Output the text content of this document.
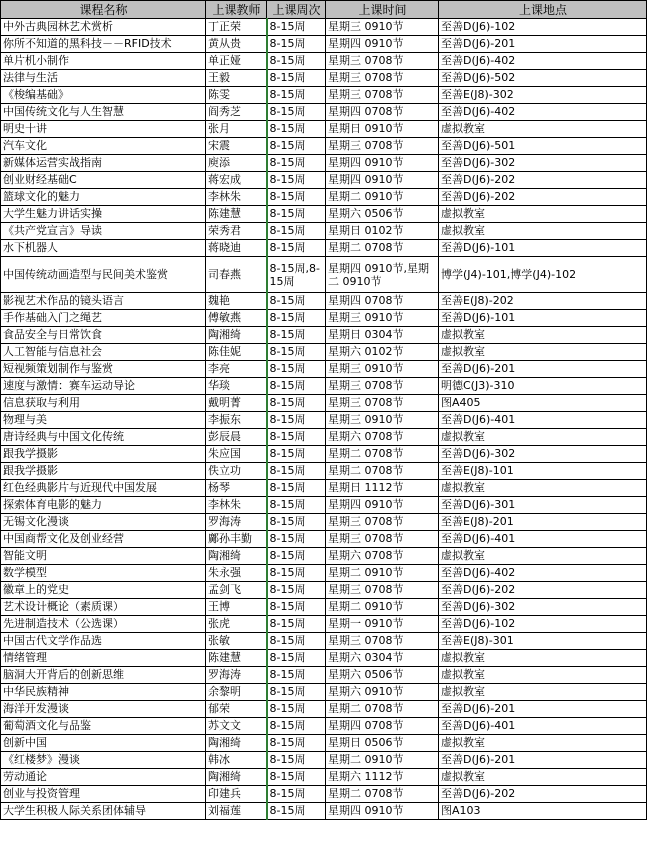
课程名称	上课教师	上课周次	上课时间	上课地点
中外古典园林艺术赏析	丁正荣	8-15周	星期三 0910节	至善D(J6)-102
你所不知道的黑科技－－RFID技术	黄从贵	8-15周	星期四 0910节	至善D(J6)-201
单片机小制作	单正娅	8-15周	星期三 0708节	至善D(J6)-402
法律与生活	王毅	8-15周	星期三 0708节	至善D(J6)-502
《梭编基础》	陈雯	8-15周	星期三 0708节	至善E(J8)-302
中国传统文化与人生智慧	阎秀芝	8-15周	星期四 0708节	至善D(J6)-402
明史十讲	张月	8-15周	星期日 0910节	虚拟教室
汽车文化	宋震	8-15周	星期三 0708节	至善D(J6)-501
新媒体运营实战指南	庾添	8-15周	星期四 0910节	至善D(J6)-302
创业财经基础C	蒋宏成	8-15周	星期四 0910节	至善D(J6)-202
篮球文化的魅力	李林朱	8-15周	星期二 0910节	至善D(J6)-202
大学生魅力讲话实操	陈建慧	8-15周	星期六 0506节	虚拟教室
《共产党宣言》导读	荣秀君	8-15周	星期日 0102节	虚拟教室
水下机器人	蒋晓迪	8-15周	星期二 0708节	至善D(J6)-101
中国传统动画造型与民间美术鉴赏	司春燕	8-15周,8-15周	星期四 0910节,星期二 0910节	博学(J4)-101,博学(J4)-102
影视艺术作品的镜头语言	魏艳	8-15周	星期四 0708节	至善E(J8)-202
手作基础入门之绳艺	傅敏燕	8-15周	星期三 0910节	至善D(J6)-101
食品安全与日常饮食	陶湘绮	8-15周	星期日 0304节	虚拟教室
人工智能与信息社会	陈佳妮	8-15周	星期六 0102节	虚拟教室
短视频策划制作与鉴赏	李亮	8-15周	星期三 0910节	至善D(J6)-201
速度与激情：赛车运动导论	华琰	8-15周	星期三 0708节	明德C(J3)-310
信息获取与利用	戴明菁	8-15周	星期三 0708节	图A405
物理与美	李振东	8-15周	星期三 0910节	至善D(J6)-401
唐诗经典与中国文化传统	彭辰晨	8-15周	星期六 0708节	虚拟教室
跟我学摄影	朱应国	8-15周	星期二 0708节	至善D(J6)-302
跟我学摄影	佚立功	8-15周	星期二 0708节	至善E(J8)-101
红色经典影片与近现代中国发展	杨琴	8-15周	星期日 1112节	虚拟教室
探索体育电影的魅力	李林朱	8-15周	星期四 0910节	至善D(J6)-301
无锡文化漫谈	罗海涛	8-15周	星期三 0708节	至善E(J8)-201
中国商帮文化及创业经营	鄺孙丰勤	8-15周	星期三 0708节	至善D(J6)-401
智能文明	陶湘绮	8-15周	星期六 0708节	虚拟教室
数学模型	朱永强	8-15周	星期二 0910节	至善D(J6)-402
徽章上的党史	孟剑飞	8-15周	星期三 0708节	至善D(J6)-202
艺术设计概论（素质课）	王博	8-15周	星期二 0910节	至善D(J6)-302
先进制造技术（公选课）	张虎	8-15周	星期一 0910节	至善D(J6)-102
中国古代文学作品选	张敏	8-15周	星期三 0708节	至善E(J8)-301
情绪管理	陈建慧	8-15周	星期六 0304节	虚拟教室
脑洞大开背后的创新思维	罗海涛	8-15周	星期六 0506节	虚拟教室
中华民族精神	余黎明	8-15周	星期六 0910节	虚拟教室
海洋开发漫谈	郁荣	8-15周	星期二 0708节	至善D(J6)-201
葡萄酒文化与品鉴	苏文文	8-15周	星期四 0708节	至善D(J6)-401
创新中国	陶湘绮	8-15周	星期日 0506节	虚拟教室
《红楼梦》漫谈	韩冰	8-15周	星期二 0910节	至善D(J6)-201
劳动通论	陶湘绮	8-15周	星期六 1112节	虚拟教室
创业与投资管理	印建兵	8-15周	星期二 0708节	至善D(J6)-202
大学生积极人际关系团体辅导	刘福莲	8-15周	星期四 0910节	图A103
